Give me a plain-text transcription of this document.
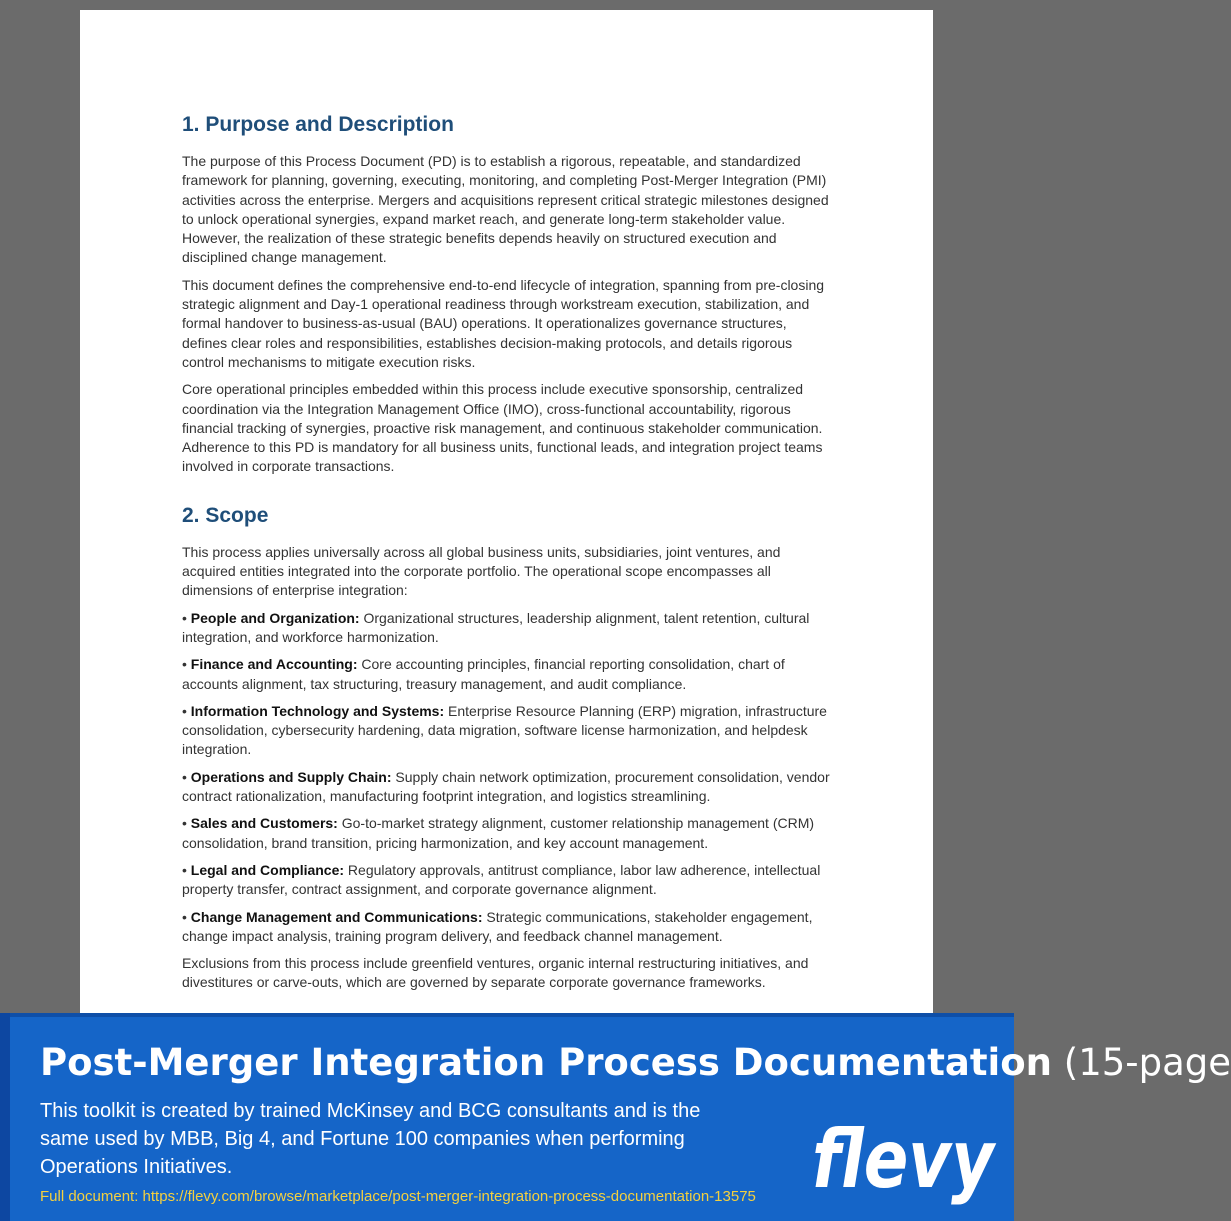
1. Purpose and Description

The purpose of this Process Document (PD) is to establish a rigorous, repeatable, and standardized framework for planning, governing, executing, monitoring, and completing Post-Merger Integration (PMI) activities across the enterprise. Mergers and acquisitions represent critical strategic milestones designed to unlock operational synergies, expand market reach, and generate long-term stakeholder value. However, the realization of these strategic benefits depends heavily on structured execution and disciplined change management.

This document defines the comprehensive end-to-end lifecycle of integration, spanning from pre-closing strategic alignment and Day-1 operational readiness through workstream execution, stabilization, and formal handover to business-as-usual (BAU) operations. It operationalizes governance structures, defines clear roles and responsibilities, establishes decision-making protocols, and details rigorous control mechanisms to mitigate execution risks.

Core operational principles embedded within this process include executive sponsorship, centralized coordination via the Integration Management Office (IMO), cross-functional accountability, rigorous financial tracking of synergies, proactive risk management, and continuous stakeholder communication. Adherence to this PD is mandatory for all business units, functional leads, and integration project teams involved in corporate transactions.

2. Scope

This process applies universally across all global business units, subsidiaries, joint ventures, and acquired entities integrated into the corporate portfolio. The operational scope encompasses all dimensions of enterprise integration:

• People and Organization: Organizational structures, leadership alignment, talent retention, cultural integration, and workforce harmonization.

• Finance and Accounting: Core accounting principles, financial reporting consolidation, chart of accounts alignment, tax structuring, treasury management, and audit compliance.

• Information Technology and Systems: Enterprise Resource Planning (ERP) migration, infrastructure consolidation, cybersecurity hardening, data migration, software license harmonization, and helpdesk integration.

• Operations and Supply Chain: Supply chain network optimization, procurement consolidation, vendor contract rationalization, manufacturing footprint integration, and logistics streamlining.

• Sales and Customers: Go-to-market strategy alignment, customer relationship management (CRM) consolidation, brand transition, pricing harmonization, and key account management.

• Legal and Compliance: Regulatory approvals, antitrust compliance, labor law adherence, intellectual property transfer, contract assignment, and corporate governance alignment.

• Change Management and Communications: Strategic communications, stakeholder engagement, change impact analysis, training program delivery, and feedback channel management.

Exclusions from this process include greenfield ventures, organic internal restructuring initiatives, and divestitures or carve-outs, which are governed by separate corporate governance frameworks.

Post-Merger Integration Process Documentation (15-page
This toolkit is created by trained McKinsey and BCG consultants and is the same used by MBB, Big 4, and Fortune 100 companies when performing Operations Initiatives.
Full document: https://flevy.com/browse/marketplace/post-merger-integration-process-documentation-13575 flevy
